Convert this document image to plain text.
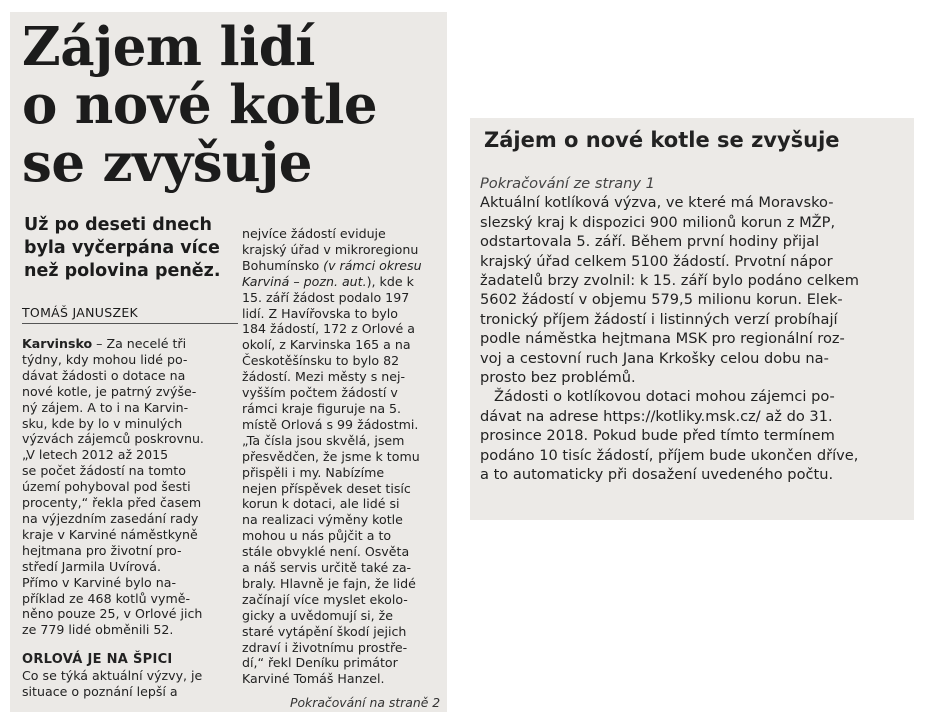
Zájem lidí
o nové kotle
se zvyšuje

Už po deseti dnech
byla vyčerpána více
než polovina peněz.

TOMÁŠ JANUSZEK
Karvinsko – Za necelé tři
týdny, kdy mohou lidé po-
dávat žádosti o dotace na
nové kotle, je patrný zvýše-
ný zájem. A to i na Karvin-
sku, kde by lo v minulých
výzvách zájemců poskrovnu.
„V letech 2012 až 2015
se počet žádostí na tomto
území pohyboval pod šesti
procenty,“ řekla před časem
na výjezdním zasedání rady
kraje v Karviné náměstkyně
hejtmana pro životní pro-
středí Jarmila Uvírová.
Přímo v Karviné bylo na-
příklad ze 468 kotlů vymě-
něno pouze 25, v Orlové jich
ze 779 lidé obměnili 52.
ORLOVÁ JE NA ŠPICI
Co se týká aktuální výzvy, je
situace o poznání lepší a
nejvíce žádostí eviduje
krajský úřad v mikroregionu
Bohumínsko (v rámci okresu
Karviná – pozn. aut.), kde k
15. září žádost podalo 197
lidí. Z Havířovska to bylo
184 žádostí, 172 z Orlové a
okolí, z Karvinska 165 a na
Českotěšínsku to bylo 82
žádostí. Mezi městy s nej-
vyšším počtem žádostí v
rámci kraje figuruje na 5.
místě Orlová s 99 žádostmi.
„Ta čísla jsou skvělá, jsem
přesvědčen, že jsme k tomu
přispěli i my. Nabízíme
nejen příspěvek deset tisíc
korun k dotaci, ale lidé si
na realizaci výměny kotle
mohou u nás půjčit a to
stále obvyklé není. Osvěta
a náš servis určitě také za-
braly. Hlavně je fajn, že lidé
začínají více myslet ekolo-
gicky a uvědomují si, že
staré vytápění škodí jejich
zdraví i životnímu prostře-
dí,“ řekl Deníku primátor
Karviné Tomáš Hanzel.
Pokračování na straně 2
Zájem o nové kotle se zvyšuje
Pokračování ze strany 1
Aktuální kotlíková výzva, ve které má Moravsko-
slezský kraj k dispozici 900 milionů korun z MŽP,
odstartovala 5. září. Během první hodiny přijal
krajský úřad celkem 5100 žádostí. Prvotní nápor
žadatelů brzy zvolnil: k 15. září bylo podáno celkem
5602 žádostí v objemu 579,5 milionu korun. Elek-
tronický příjem žádostí i listinných verzí probíhají
podle náměstka hejtmana MSK pro regionální roz-
voj a cestovní ruch Jana Krkošky celou dobu na-
prosto bez problémů.
Žádosti o kotlíkovou dotaci mohou zájemci po-
dávat na adrese https://kotliky.msk.cz/ až do 31.
prosince 2018. Pokud bude před tímto termínem
podáno 10 tisíc žádostí, příjem bude ukončen dříve,
a to automaticky při dosažení uvedeného počtu.
